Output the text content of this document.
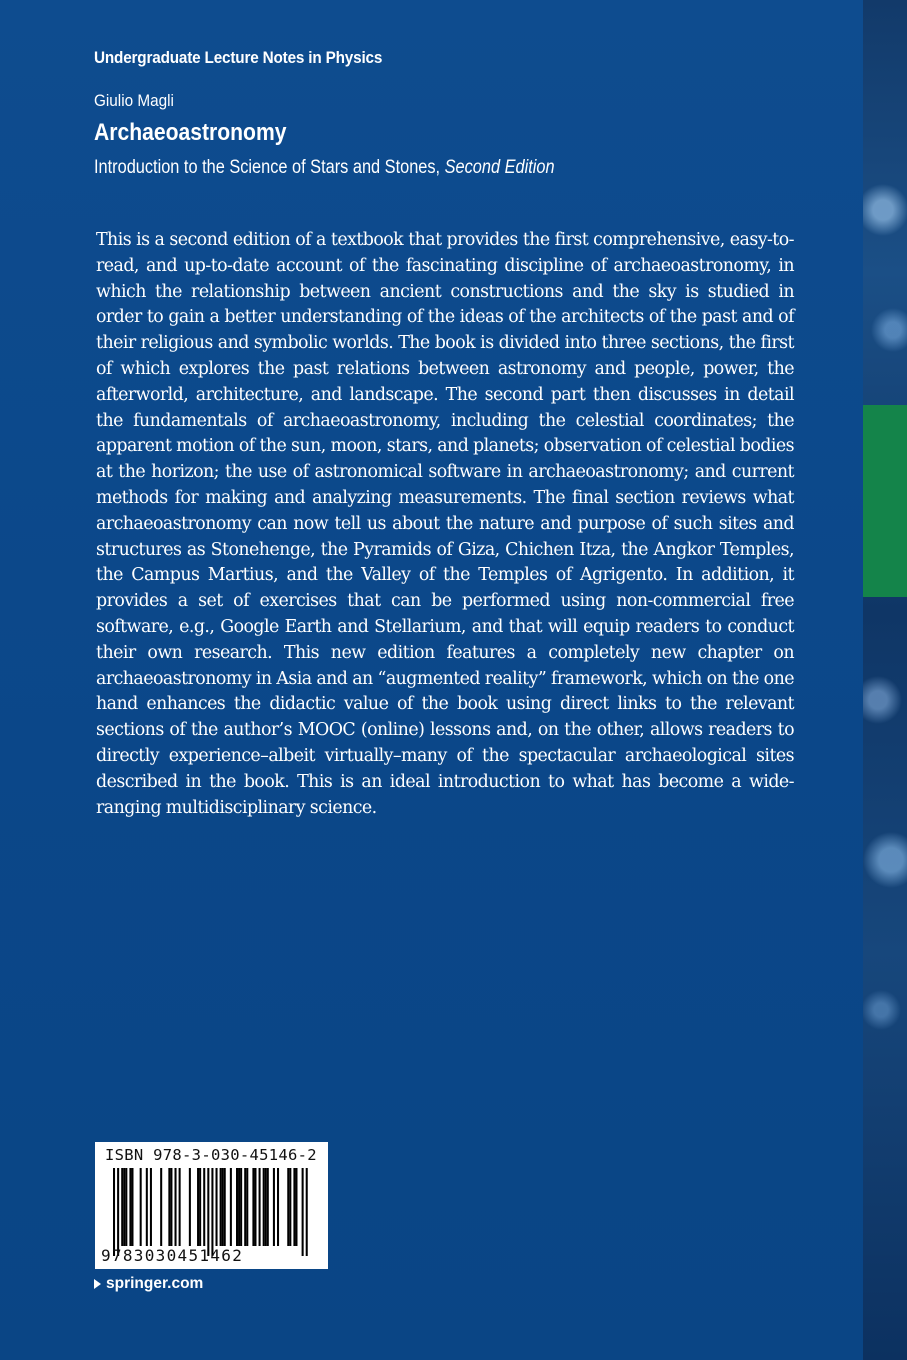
Undergraduate Lecture Notes in Physics
Giulio Magli
Archaeoastronomy
Introduction to the Science of Stars and Stones, Second Edition
This is a second edition of a textbook that provides the first comprehensive, easy-to-read, and up-to-date account of the fascinating discipline of archaeoastronomy, in which the relationship between ancient constructions and the sky is studied in order to gain a better understanding of the ideas of the architects of the past and of their religious and symbolic worlds. The book is divided into three sections, the first of which explores the past relations between astronomy and people, power, the afterworld, architecture, and landscape. The second part then discusses in detail the fundamentals of archaeoastronomy, including the celestial coordinates; the apparent motion of the sun, moon, stars, and planets; observation of celestial bodies at the horizon; the use of astronomical software in archaeoastronomy; and current methods for making and analyzing measurements. The final section reviews what archaeoastronomy can now tell us about the nature and purpose of such sites and structures as Stonehenge, the Pyramids of Giza, Chichen Itza, the Angkor Temples, the Campus Martius, and the Valley of the Temples of Agrigento. In addition, it provides a set of exercises that can be performed using non-commercial free software, e.g., Google Earth and Stellarium, and that will equip readers to conduct their own research. This new edition features a completely new chapter on archaeoastronomy in Asia and an “augmented reality” framework, which on the one hand enhances the didactic value of the book using direct links to the relevant sections of the author’s MOOC (online) lessons and, on the other, allows readers to directly experience–albeit virtually–many of the spectacular archaeological sites described in the book. This is an ideal introduction to what has become a wide-ranging multidisciplinary science.
ISBN 978-3-030-45146-2
9783030451462
springer.com
